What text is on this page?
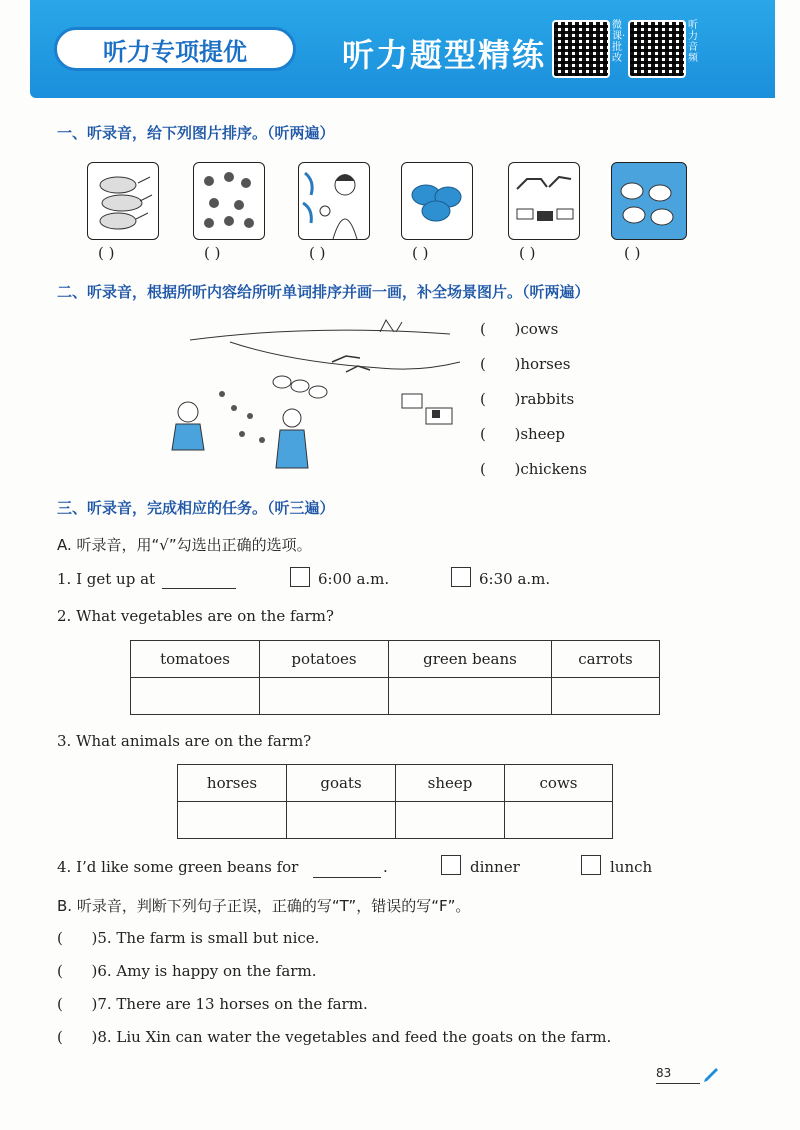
听力专项提优	听力题型精练
微课·批改
听力音频
一、听录音，给下列图片排序。（听两遍）
( )	( )	( )	( )	( )	( )
二、听录音，根据所听内容给所听单词排序并画一画，补全场景图片。（听两遍）
(      )cows
(      )horses
(      )rabbits
(      )sheep
(      )chickens
三、听录音，完成相应的任务。（听三遍）
A. 听录音，用“√”勾选出正确的选项。
1. I get up at	6:00 a.m.	6:30 a.m.
2. What vegetables are on the farm?
tomatoes	potatoes	green beans	carrots

3. What animals are on the farm?
horses	goats	sheep	cows

4. I’d like some green beans for	.	dinner	lunch
B. 听录音，判断下列句子正误，正确的写“T”，错误的写“F”。
(      )5. The farm is small but nice.
(      )6. Amy is happy on the farm.
(      )7. There are 13 horses on the farm.
(      )8. Liu Xin can water the vegetables and feed the goats on the farm.
83
